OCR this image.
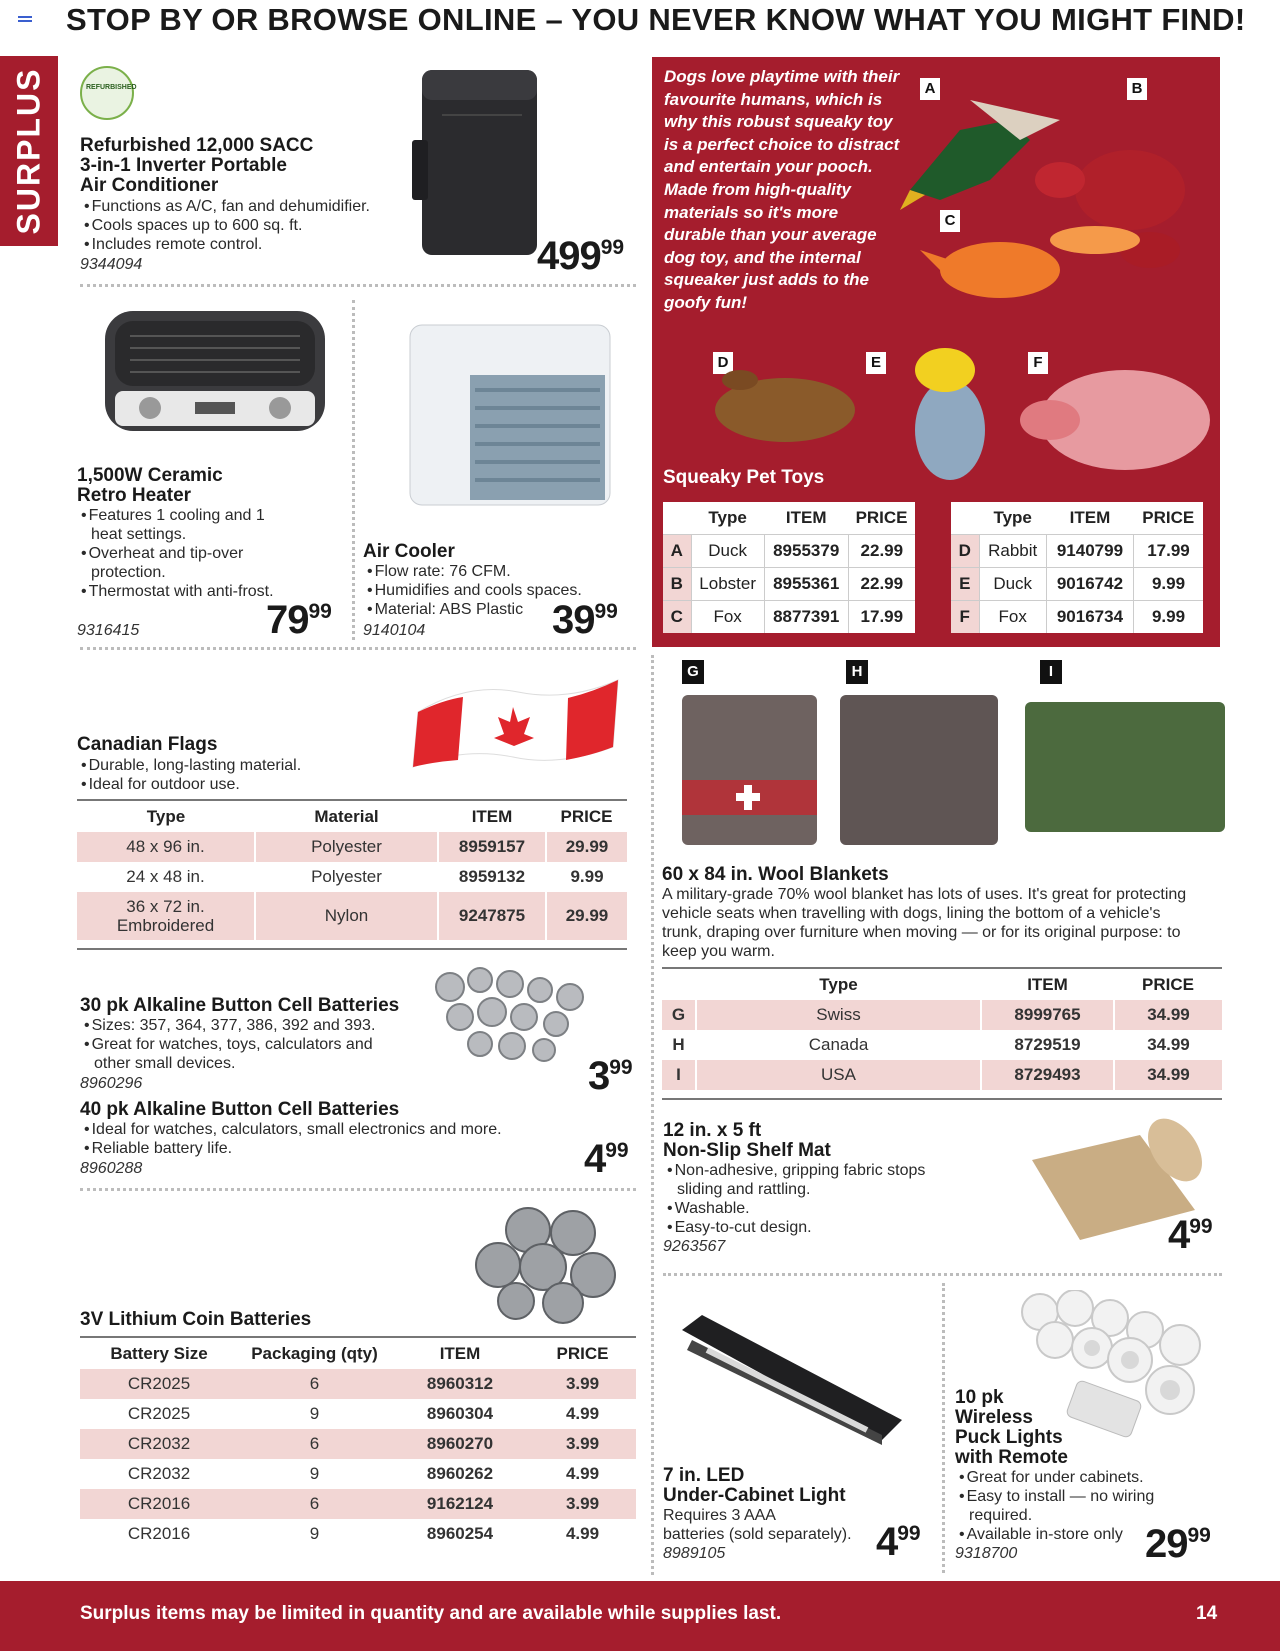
STOP BY OR BROWSE ONLINE – YOU NEVER KNOW WHAT YOU MIGHT FIND!
SURPLUS	REFURBISHED
Refurbished 12,000 SACC
3-in-1 Inverter Portable
Air Conditioner
• Functions as A/C, fan and dehumidifier.
• Cools spaces up to 600 sq. ft.
• Includes remote control.
9344094	$499^{99}$
1,500W Ceramic
Retro Heater
• Features 1 cooling and 1 heat settings.
• Overheat and tip-over protection.
• Thermostat with anti-frost.
9316415	$79^{99}$
Air Cooler
• Flow rate: 76 CFM.
• Humidifies and cools spaces.
• Material: ABS Plastic
9140104	$39^{99}$
Dogs love playtime with their favourite humans, which is why this robust squeaky toy is a perfect choice to distract and entertain your pooch. Made from high-quality materials so it's more durable than your average dog toy, and the internal squeaker just adds to the goofy fun!
A	B
C
D	E	F
Squeaky Pet Toys
	Type	ITEM	PRICE
A	Duck	8955379	22.99
B	Lobster	8955361	22.99
C	Fox	8877391	17.99
	Type	ITEM	PRICE
D	Rabbit	9140799	17.99
E	Duck	9016742	9.99
F	Fox	9016734	9.99
Canadian Flags
• Durable, long-lasting material.
• Ideal for outdoor use.
Type	Material	ITEM	PRICE
48 x 96 in.	Polyester	8959157	29.99
24 x 48 in.	Polyester	8959132	9.99
36 x 72 in. Embroidered	Nylon	9247875	29.99
G	H	I
60 x 84 in. Wool Blankets
A military-grade 70% wool blanket has lots of uses. It's great for protecting vehicle seats when travelling with dogs, lining the bottom of a vehicle's trunk, draping over furniture when moving — or for its original purpose: to keep you warm.
	Type	ITEM	PRICE
G	Swiss	8999765	34.99
H	Canada	8729519	34.99
I	USA	8729493	34.99
30 pk Alkaline Button Cell Batteries
• Sizes: 357, 364, 377, 386, 392 and 393.
• Great for watches, toys, calculators and other small devices.
8960296	$3^{99}$
40 pk Alkaline Button Cell Batteries
• Ideal for watches, calculators, small electronics and more.
• Reliable battery life.
8960288	$4^{99}$
12 in. x 5 ft
Non-Slip Shelf Mat
• Non-adhesive, gripping fabric stops sliding and rattling.
• Washable.
• Easy-to-cut design.
9263567	$4^{99}$
3V Lithium Coin Batteries
Battery Size	Packaging (qty)	ITEM	PRICE
CR2025	6	8960312	3.99
CR2025	9	8960304	4.99
CR2032	6	8960270	3.99
CR2032	9	8960262	4.99
CR2016	6	9162124	3.99
CR2016	9	8960254	4.99
7 in. LED
Under-Cabinet Light
Requires 3 AAA
batteries (sold separately).
8989105	$4^{99}$
10 pk
Wireless
Puck Lights
with Remote
• Great for under cabinets.
• Easy to install — no wiring required.
• Available in-store only
9318700	$29^{99}$
Surplus items may be limited in quantity and are available while supplies last.	14
